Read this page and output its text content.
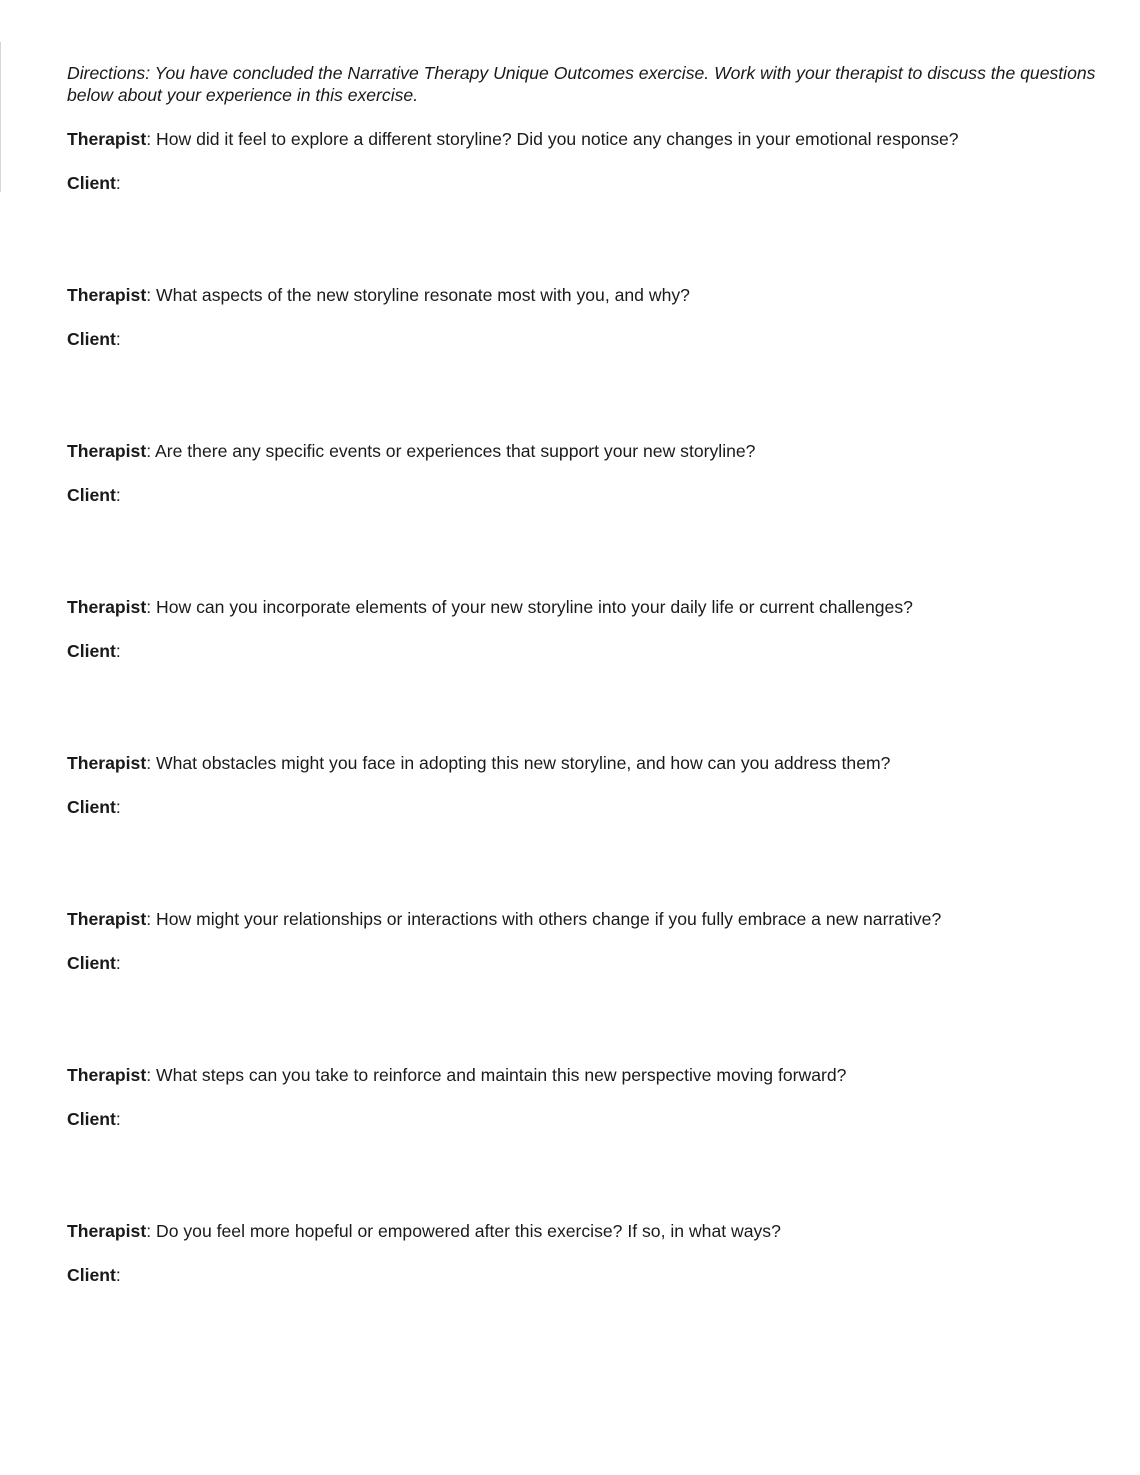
Directions: You have concluded the Narrative Therapy Unique Outcomes exercise. Work with your therapist to discuss the questions below about your experience in this exercise.

Therapist: How did it feel to explore a different storyline? Did you notice any changes in your emotional response?

Client:

Therapist: What aspects of the new storyline resonate most with you, and why?

Client:

Therapist: Are there any specific events or experiences that support your new storyline?

Client:

Therapist: How can you incorporate elements of your new storyline into your daily life or current challenges?

Client:

Therapist: What obstacles might you face in adopting this new storyline, and how can you address them?

Client:

Therapist: How might your relationships or interactions with others change if you fully embrace a new narrative?

Client:

Therapist: What steps can you take to reinforce and maintain this new perspective moving forward?

Client:

Therapist: Do you feel more hopeful or empowered after this exercise? If so, in what ways?

Client:
